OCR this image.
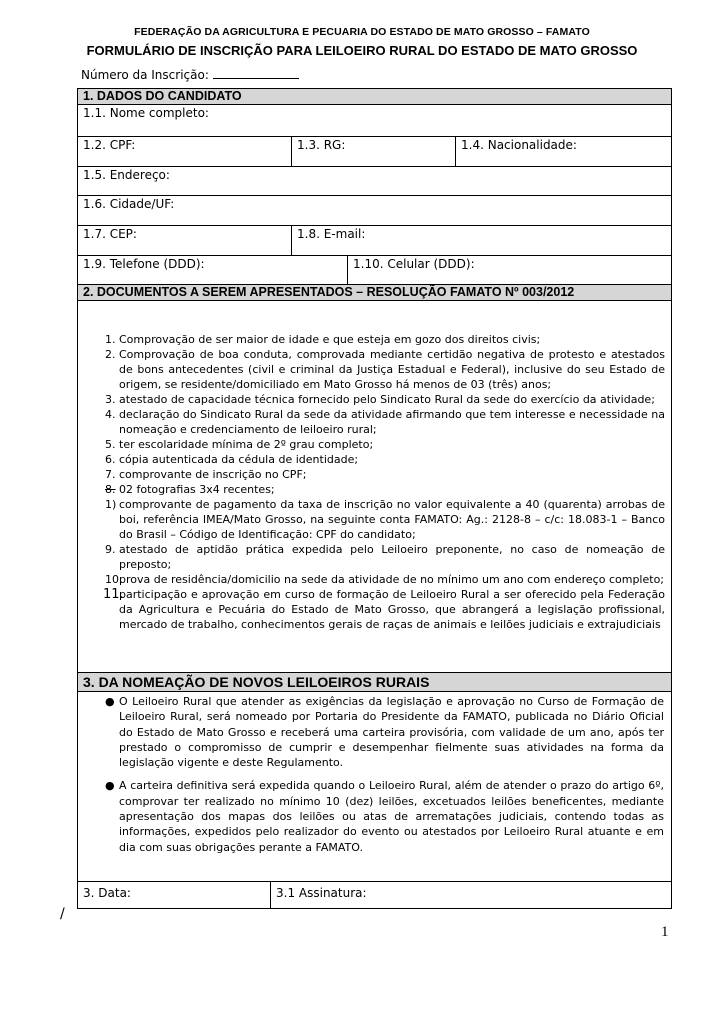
FEDERAÇÃO DA AGRICULTURA E PECUARIA DO ESTADO DE MATO GROSSO – FAMATO
FORMULÁRIO DE INSCRIÇÃO PARA LEILOEIRO RURAL DO ESTADO DE MATO GROSSO
Número da Inscrição:
1. DADOS DO CANDIDATO
1.1. Nome completo:
1.2. CPF:	1.3. RG:	1.4. Nacionalidade:
1.5. Endereço:
1.6. Cidade/UF:
1.7. CEP:	1.8. E-mail:
1.9. Telefone (DDD):	1.10. Celular (DDD):
2. DOCUMENTOS A SEREM APRESENTADOS – RESOLUÇÃO FAMATO Nº 003/2012
1. Comprovação de ser maior de idade e que esteja em gozo dos direitos civis;
2. Comprovação de boa conduta, comprovada mediante certidão negativa de protesto e atestados de bons antecedentes (civil e criminal da Justiça Estadual e Federal), inclusive do seu Estado de origem, se residente/domiciliado em Mato Grosso há menos de 03 (três) anos;
3. atestado de capacidade técnica fornecido pelo Sindicato Rural da sede do exercício da atividade;
4. declaração do Sindicato Rural da sede da atividade afirmando que tem interesse e necessidade na nomeação e credenciamento de leiloeiro rural;
5. ter escolaridade mínima de 2º grau completo;
6. cópia autenticada da cédula de identidade;
7. comprovante de inscrição no CPF;
8. 02 fotografias 3x4 recentes;
1) comprovante de pagamento da taxa de inscrição no valor equivalente a 40 (quarenta) arrobas de boi, referência IMEA/Mato Grosso, na seguinte conta FAMATO: Ag.: 2128-8 – c/c: 18.083-1 – Banco do Brasil – Código de Identificação: CPF do candidato;
9. atestado de aptidão prática expedida pelo Leiloeiro preponente, no caso de nomeação de preposto;
10.
prova de residência/domicilio na sede da atividade de no mínimo um ano com endereço completo;
11.
participação e aprovação em curso de formação de Leiloeiro Rural a ser oferecido pela Federação da Agricultura e Pecuária do Estado de Mato Grosso, que abrangerá a legislação profissional, mercado de trabalho, conhecimentos gerais de raças de animais e leilões judiciais e extrajudiciais
3. DA NOMEAÇÃO DE NOVOS LEILOEIROS RURAIS
● O Leiloeiro Rural que atender as exigências da legislação e aprovação no Curso de Formação de Leiloeiro Rural, será nomeado por Portaria do Presidente da FAMATO, publicada no Diário Oficial do Estado de Mato Grosso e receberá uma carteira provisória, com validade de um ano, após ter prestado o compromisso de cumprir e desempenhar fielmente suas atividades na forma da legislação vigente e deste Regulamento.
● A carteira definitiva será expedida quando o Leiloeiro Rural, além de atender o prazo do artigo 6º, comprovar ter realizado no mínimo 10 (dez) leilões, excetuados leilões beneficentes, mediante apresentação dos mapas dos leilões ou atas de arrematações judiciais, contendo todas as informações, expedidos pelo realizador do evento ou atestados por Leiloeiro Rural atuante e em dia com suas obrigações perante a FAMATO.
3. Data:	3.1 Assinatura:
/
1
